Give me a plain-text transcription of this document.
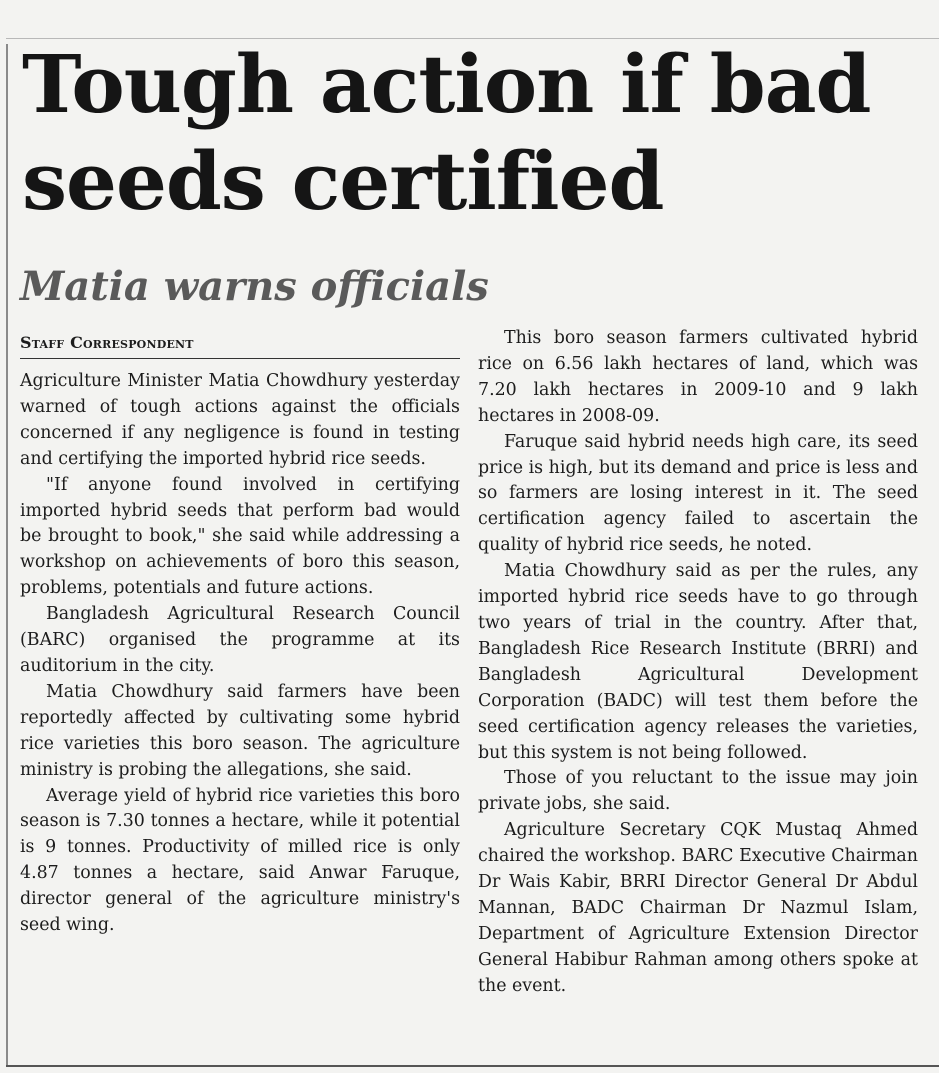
Tough action if bad seeds certified
Matia warns officials
Staff Correspondent

Agriculture Minister Matia Chowdhury yesterday warned of tough actions against the officials concerned if any negligence is found in testing and certifying the imported hybrid rice seeds.

"If anyone found involved in certifying imported hybrid seeds that perform bad would be brought to book," she said while addressing a workshop on achievements of boro this season, problems, potentials and future actions.

Bangladesh Agricultural Research Council (BARC) organised the programme at its auditorium in the city.

Matia Chowdhury said farmers have been reportedly affected by cultivating some hybrid rice varieties this boro season. The agriculture ministry is probing the allegations, she said.

Average yield of hybrid rice varieties this boro season is 7.30 tonnes a hectare, while it potential is 9 tonnes. Productivity of milled rice is only 4.87 tonnes a hectare, said Anwar Faruque, director general of the agriculture ministry's seed wing.

This boro season farmers cultivated hybrid rice on 6.56 lakh hectares of land, which was 7.20 lakh hectares in 2009-10 and 9 lakh hectares in 2008-09.

Faruque said hybrid needs high care, its seed price is high, but its demand and price is less and so farmers are losing interest in it. The seed certification agency failed to ascertain the quality of hybrid rice seeds, he noted.

Matia Chowdhury said as per the rules, any imported hybrid rice seeds have to go through two years of trial in the country. After that, Bangladesh Rice Research Institute (BRRI) and Bangladesh Agricultural Development Corporation (BADC) will test them before the seed certification agency releases the varieties, but this system is not being followed.

Those of you reluctant to the issue may join private jobs, she said.

Agriculture Secretary CQK Mustaq Ahmed chaired the workshop. BARC Executive Chairman Dr Wais Kabir, BRRI Director General Dr Abdul Mannan, BADC Chairman Dr Nazmul Islam, Department of Agriculture Extension Director General Habibur Rahman among others spoke at the event.
